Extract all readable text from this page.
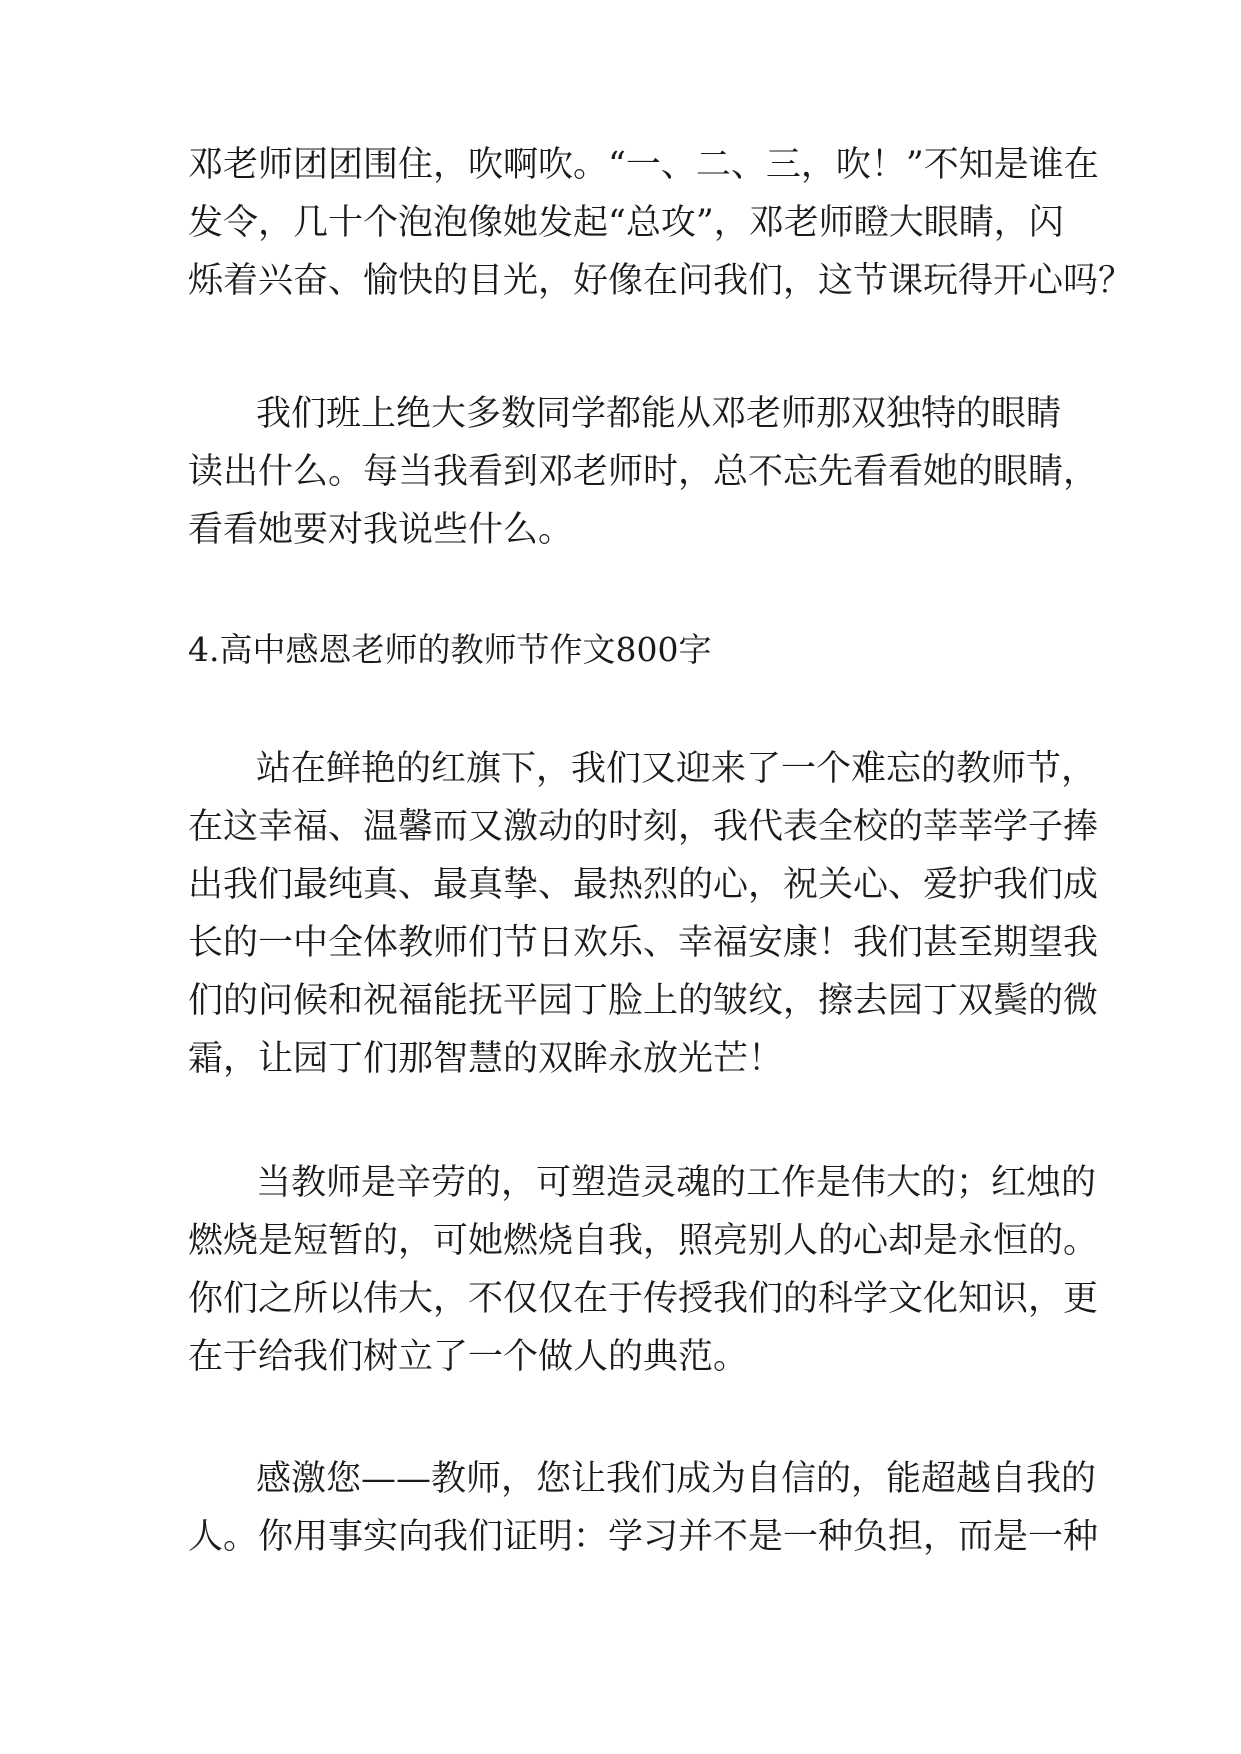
邓老师团团围住，吹啊吹。“一、二、三，吹！”不知是谁在
发令，几十个泡泡像她发起“总攻”，邓老师瞪大眼睛，闪
烁着兴奋、愉快的目光，好像在问我们，这节课玩得开心吗？
我们班上绝大多数同学都能从邓老师那双独特的眼睛
读出什么。每当我看到邓老师时，总不忘先看看她的眼睛，
看看她要对我说些什么。
4.高中感恩老师的教师节作文800字
站在鲜艳的红旗下，我们又迎来了一个难忘的教师节，
在这幸福、温馨而又激动的时刻，我代表全校的莘莘学子捧
出我们最纯真、最真挚、最热烈的心，祝关心、爱护我们成
长的一中全体教师们节日欢乐、幸福安康！我们甚至期望我
们的问候和祝福能抚平园丁脸上的皱纹，擦去园丁双鬓的微
霜，让园丁们那智慧的双眸永放光芒！
当教师是辛劳的，可塑造灵魂的工作是伟大的；红烛的
燃烧是短暂的，可她燃烧自我，照亮别人的心却是永恒的。
你们之所以伟大，不仅仅在于传授我们的科学文化知识，更
在于给我们树立了一个做人的典范。
感激您——教师，您让我们成为自信的，能超越自我的
人。你用事实向我们证明：学习并不是一种负担，而是一种
